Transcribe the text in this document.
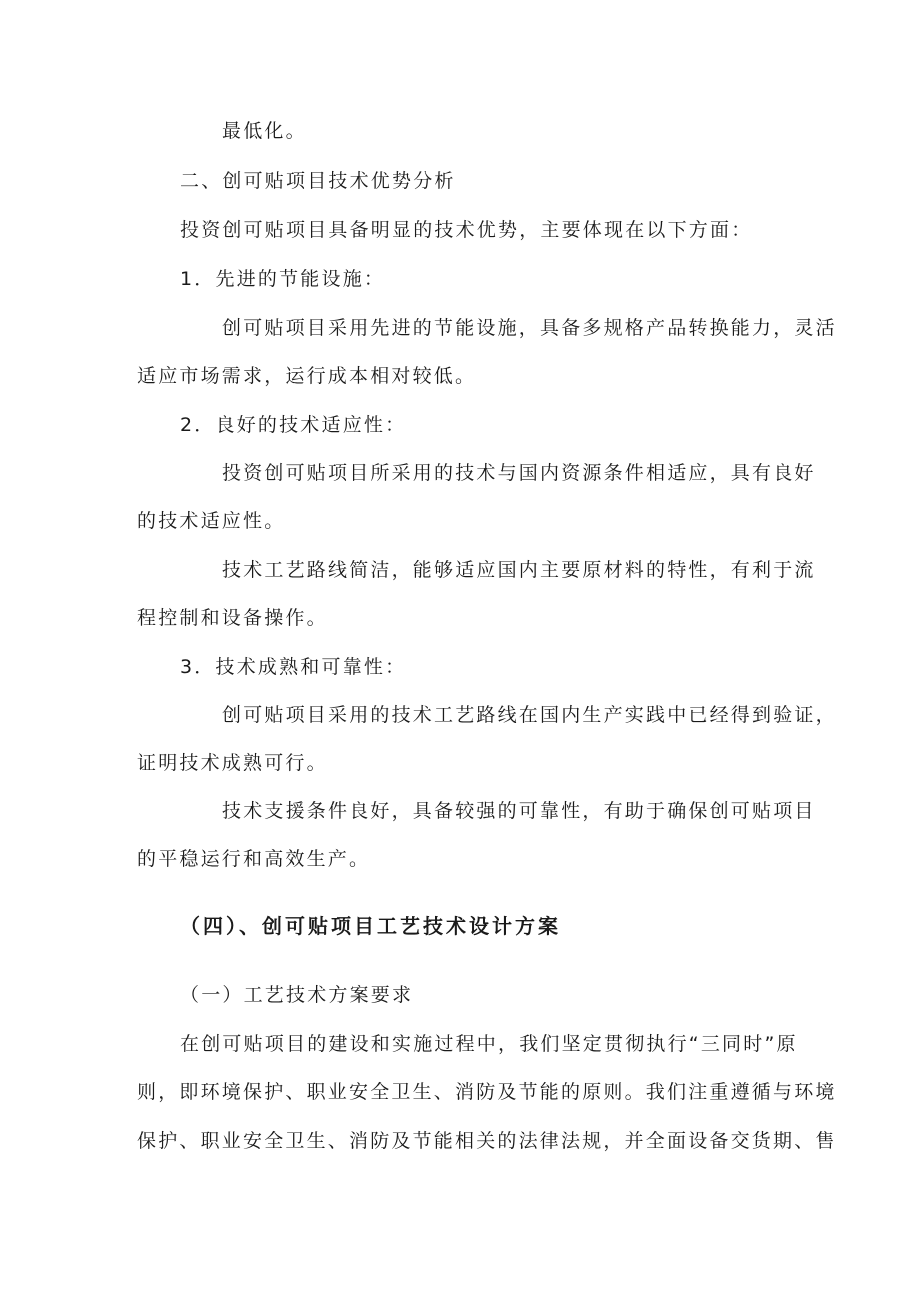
最低化。
二、创可贴项目技术优势分析
投资创可贴项目具备明显的技术优势，主要体现在以下方面：
1．先进的节能设施：
创可贴项目采用先进的节能设施，具备多规格产品转换能力，灵活
适应市场需求，运行成本相对较低。
2．良好的技术适应性：
投资创可贴项目所采用的技术与国内资源条件相适应，具有良好
的技术适应性。
技术工艺路线简洁，能够适应国内主要原材料的特性，有利于流
程控制和设备操作。
3．技术成熟和可靠性：
创可贴项目采用的技术工艺路线在国内生产实践中已经得到验证，
证明技术成熟可行。
技术支援条件良好，具备较强的可靠性，有助于确保创可贴项目
的平稳运行和高效生产。
（四）、创可贴项目工艺技术设计方案
（一）工艺技术方案要求
在创可贴项目的建设和实施过程中，我们坚定贯彻执行“三同时”原
则，即环境保护、职业安全卫生、消防及节能的原则。我们注重遵循与环境
保护、职业安全卫生、消防及节能相关的法律法规，并全面设备交货期、售
